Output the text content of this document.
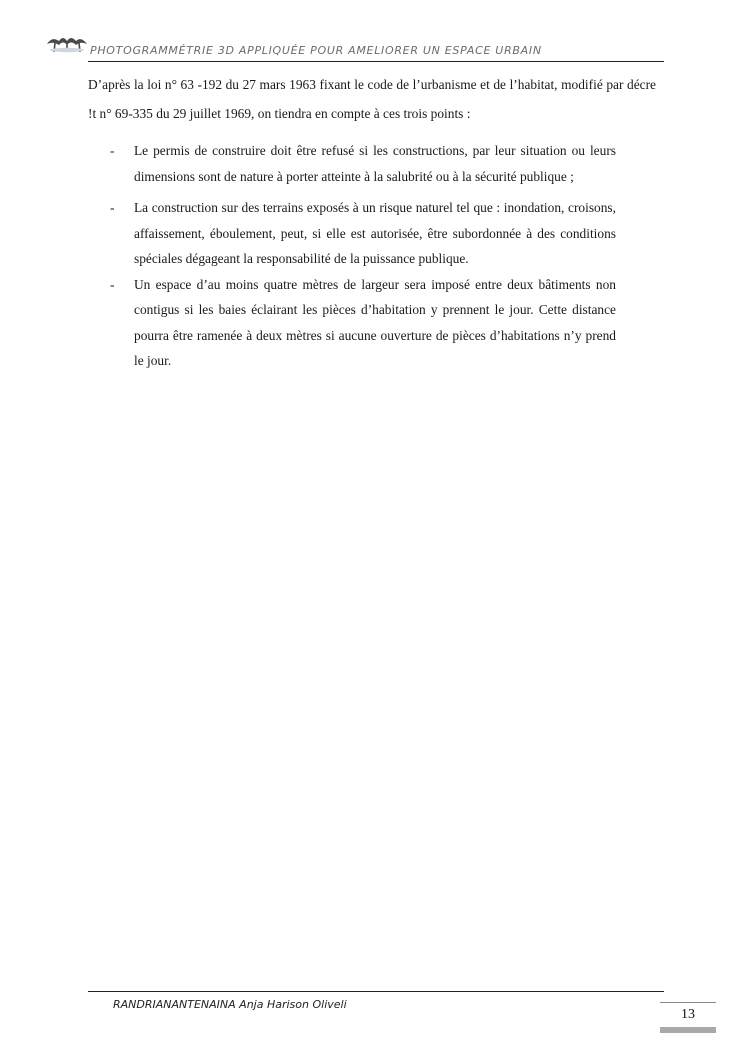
PHOTOGRAMMÉTRIE 3D APPLIQUÉE POUR AMELIORER UN ESPACE URBAIN

D’après la loi n° 63 -192 du 27 mars 1963 fixant le code de l’urbanisme et de l’habitat, modifié par décre !t n° 69-335 du 29 juillet 1969, on tiendra en compte à ces trois points :

- Le permis de construire doit être refusé si les constructions, par leur situation ou leurs dimensions sont de nature à porter atteinte à la salubrité ou à la sécurité publique ;
- La construction sur des terrains exposés à un risque naturel tel que : inondation, croisons, affaissement, éboulement, peut, si elle est autorisée, être subordonnée à des conditions spéciales dégageant la responsabilité de la puissance publique.
- Un espace d’au moins quatre mètres de largeur sera imposé entre deux bâtiments non contigus si les baies éclairant les pièces d’habitation y prennent le jour. Cette distance pourra être ramenée à deux mètres si aucune ouverture de pièces d’habitations n’y prend le jour.
RANDRIANANTENAINA Anja Harison Oliveli
13
